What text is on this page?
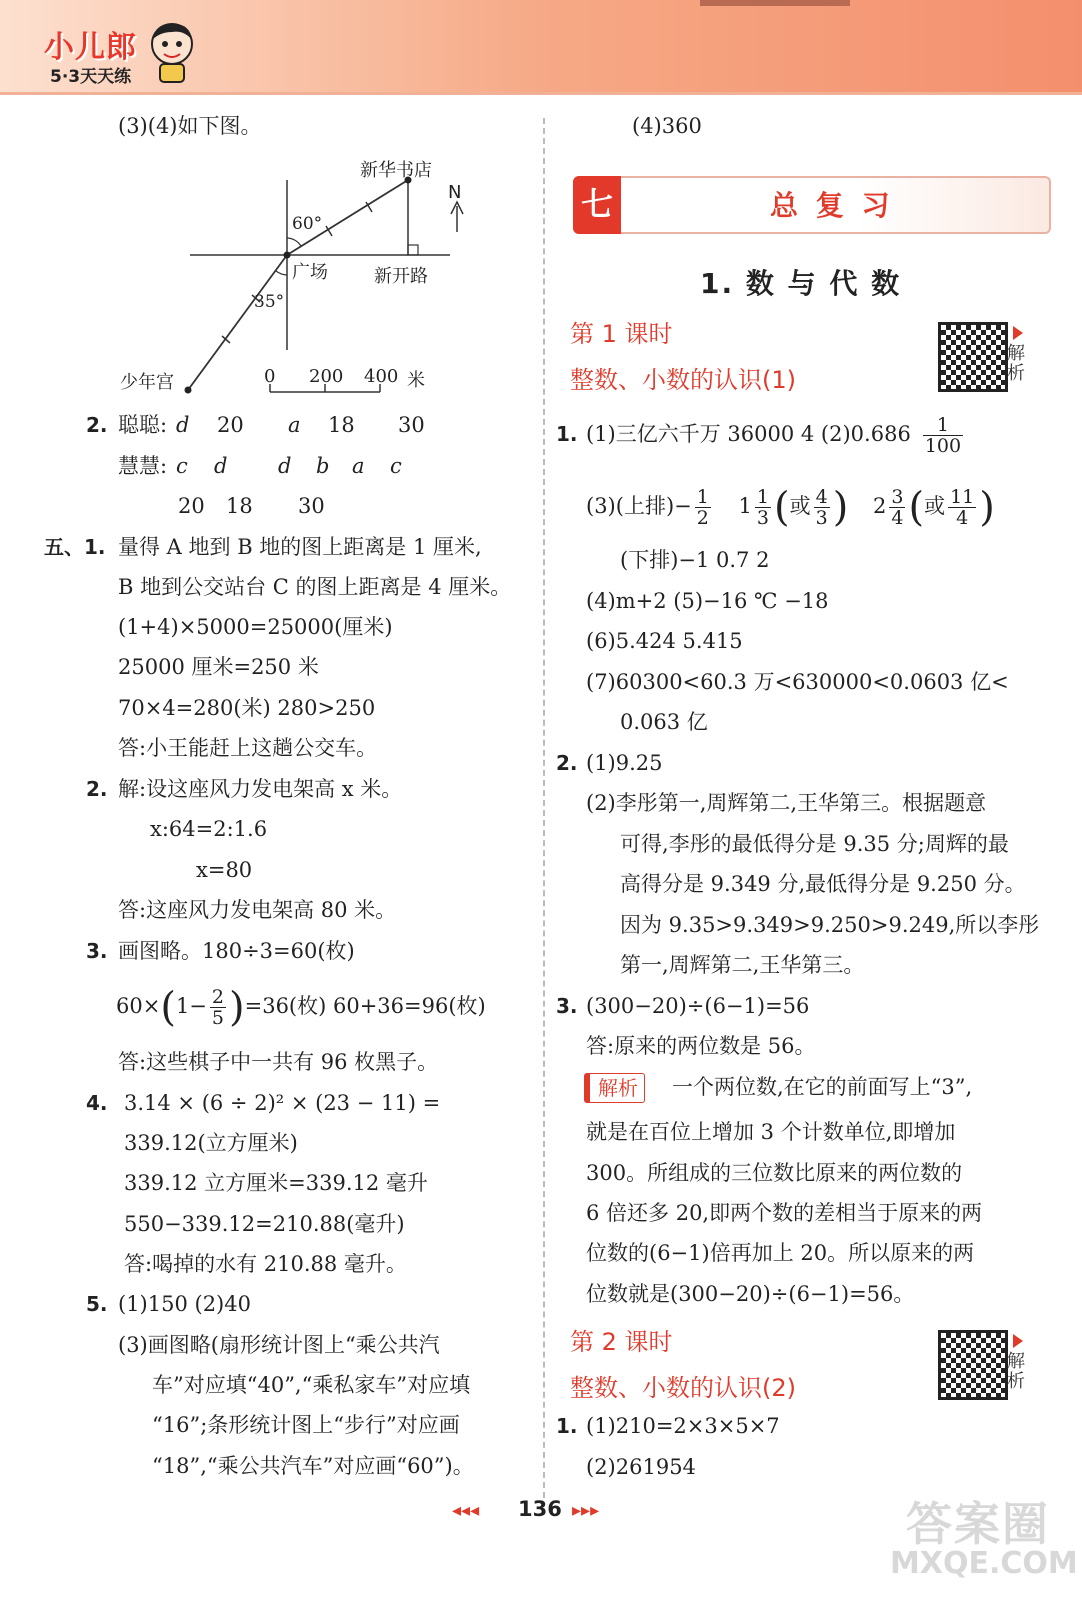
小儿郎
5·3天天练
(3)(4)如下图。
新华书店
N
60°
广场	新开路
35°
少年宫	0 200 400 米
2. 聪聪: d 20 a 18 30
慧慧: c d d b a c
20 18 30
五、1. 量得 A 地到 B 地的图上距离是 1 厘米,
B 地到公交站台 C 的图上距离是 4 厘米。
(1+4)×5000=25000(厘米)
25000 厘米=250 米
70×4=280(米) 280>250
答:小王能赶上这趟公交车。
2. 解:设这座风力发电架高 x 米。
x:64=2:1.6
x=80
答:这座风力发电架高 80 米。
3. 画图略。180÷3=60(枚)
$60\times(1- \frac{2}{5} )=36$(枚) 60+36=96(枚)
答:这些棋子中一共有 96 枚黑子。
4. 3.14 × (6 ÷ 2)² × (23 − 11) =
339.12(立方厘米)
339.12 立方厘米=339.12 毫升
550−339.12=210.88(毫升)
答:喝掉的水有 210.88 毫升。
5. (1)150 (2)40
(3)画图略(扇形统计图上“乘公共汽
车”对应填“40”,“乘私家车”对应填
“16”;条形统计图上“步行”对应画
“18”,“乘公共汽车”对应画“60”)。
(4)360
七	总 复 习
1. 数 与 代 数
第 1 课时
整数、小数的认识(1)
解析
1. (1)三亿六千万 36000 4 $(2)0.686 \frac{1}{100}$
(3)(上排)− $\frac{1}{2} 1 \frac{1}{3}$ (或 $\frac{4}{3}$ ) $2 \frac{3}{4}$ (或 $\frac{11}{4}$ )
(下排)−1 0.7 2
(4)m+2 (5)−16 ℃ −18
(6)5.424 5.415
(7)60300<60.3 万<630000<0.0603 亿<
0.063 亿
2. (1)9.25
(2)李彤第一,周辉第二,王华第三。根据题意
可得,李彤的最低得分是 9.35 分;周辉的最
高得分是 9.349 分,最低得分是 9.250 分。
因为 9.35>9.349>9.250>9.249,所以李彤
第一,周辉第二,王华第三。
3. (300−20)÷(6−1)=56
答:原来的两位数是 56。
解析	一个两位数,在它的前面写上“3”,
就是在百位上增加 3 个计数单位,即增加
300。所组成的三位数比原来的两位数的
6 倍还多 20,即两个数的差相当于原来的两
位数的(6−1)倍再加上 20。所以原来的两
位数就是(300−20)÷(6−1)=56。
第 2 课时
整数、小数的认识(2)
解析
1. (1)210=2×3×5×7
(2)261954
◂◂◂ 136 ▸▸▸	答案圈
MXQE.COM
